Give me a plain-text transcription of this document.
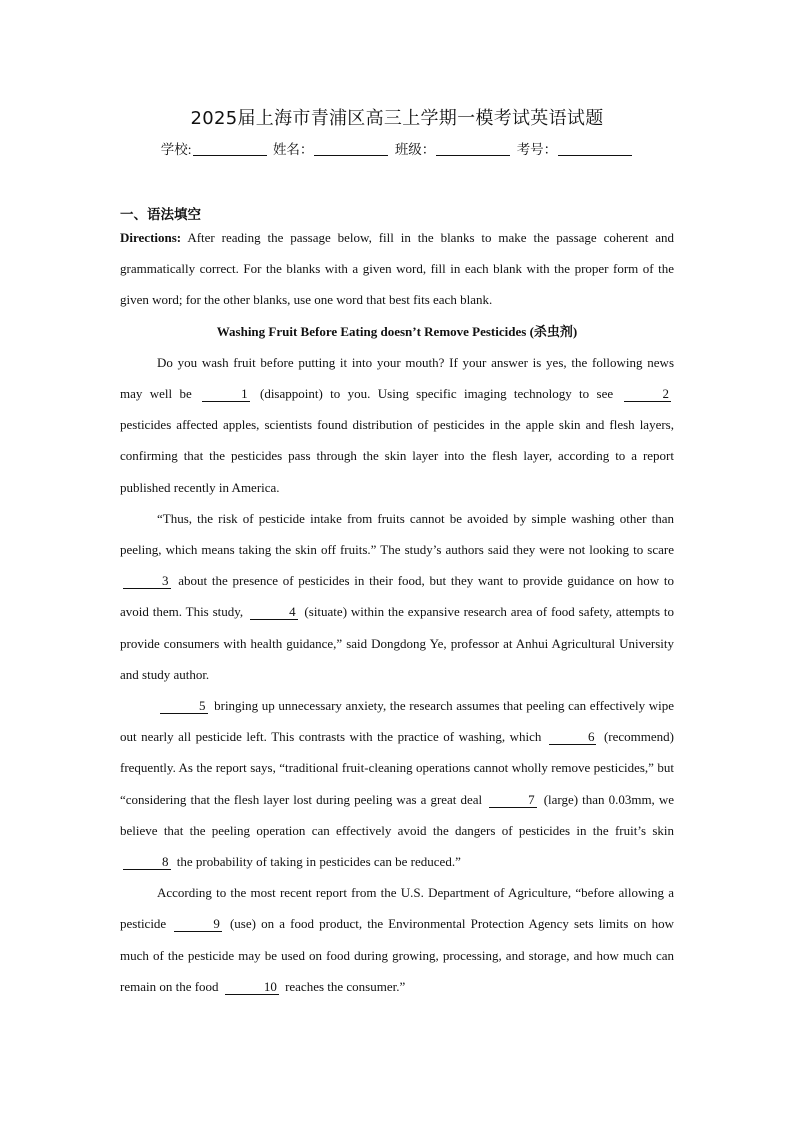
2025届上海市青浦区高三上学期一模考试英语试题
学校:	姓名：	班级：	考号：
一、语法填空

Directions: After reading the passage below, fill in the blanks to make the passage coherent and grammatically correct. For the blanks with a given word, fill in each blank with the proper form of the given word; for the other blanks, use one word that best fits each blank.

Washing Fruit Before Eating doesn’t Remove Pesticides (杀虫剂)

Do you wash fruit before putting it into your mouth? If your answer is yes, the following news may well be	1 (disappoint) to you. Using specific imaging technology to see	2 pesticides affected apples, scientists found distribution of pesticides in the apple skin and flesh layers, confirming that the pesticides pass through the skin layer into the flesh layer, according to a report published recently in America.

“Thus, the risk of pesticide intake from fruits cannot be avoided by simple washing other than peeling, which means taking the skin off fruits.” The study’s authors said they were not looking to scare 3 about the presence of pesticides in their food, but they want to provide guidance on how to avoid them. This study,	4 (situate) within the expansive research area of food safety, attempts to provide consumers with health guidance,” said Dongdong Ye, professor at Anhui Agricultural University and study author.

5 bringing up unnecessary anxiety, the research assumes that peeling can effectively wipe out nearly all pesticide left. This contrasts with the practice of washing, which	6 (recommend) frequently. As the report says, “traditional fruit-cleaning operations cannot wholly remove pesticides,” but “considering that the flesh layer lost during peeling was a great deal	7 (large) than 0.03mm, we believe that the peeling operation can effectively avoid the dangers of pesticides in the fruit’s skin 8 the probability of taking in pesticides can be reduced.”

According to the most recent report from the U.S. Department of Agriculture, “before allowing a pesticide	9 (use) on a food product, the Environmental Protection Agency sets limits on how much of the pesticide may be used on food during growing, processing, and storage, and how much can remain on the food	10 reaches the consumer.”
